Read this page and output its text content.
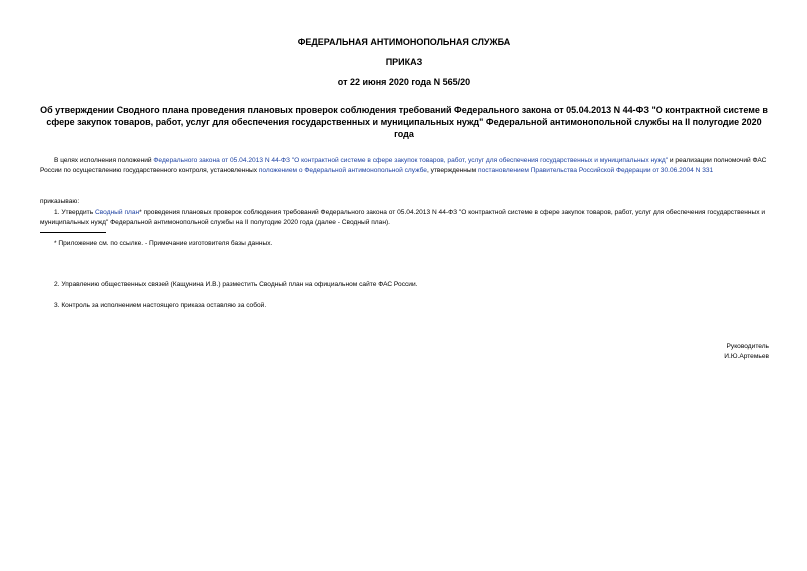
ФЕДЕРАЛЬНАЯ АНТИМОНОПОЛЬНАЯ СЛУЖБА
ПРИКАЗ
от 22 июня 2020 года N 565/20
Об утверждении Сводного плана проведения плановых проверок соблюдения требований Федерального закона от 05.04.2013 N 44-ФЗ "О контрактной системе в сфере закупок товаров, работ, услуг для обеспечения государственных и муниципальных нужд" Федеральной антимонопольной службы на II полугодие 2020 года
В целях исполнения положений Федерального закона от 05.04.2013 N 44-ФЗ "О контрактной системе в сфере закупок товаров, работ, услуг для обеспечения государственных и муниципальных нужд" и реализации полномочий ФАС России по осуществлению государственного контроля, установленных положением о Федеральной антимонопольной службе, утвержденным постановлением Правительства Российской Федерации от 30.06.2004 N 331
приказываю:
1. Утвердить Сводный план* проведения плановых проверок соблюдения требований Федерального закона от 05.04.2013 N 44-ФЗ "О контрактной системе в сфере закупок товаров, работ, услуг для обеспечения государственных и муниципальных нужд" Федеральной антимонопольной службы на II полугодие 2020 года (далее - Сводный план).
* Приложение см. по ссылке. - Примечание изготовителя базы данных.
2. Управлению общественных связей (Кащунина И.В.) разместить Сводный план на официальном сайте ФАС России.
3. Контроль за исполнением настоящего приказа оставляю за собой.
Руководитель
И.Ю.Артемьев
